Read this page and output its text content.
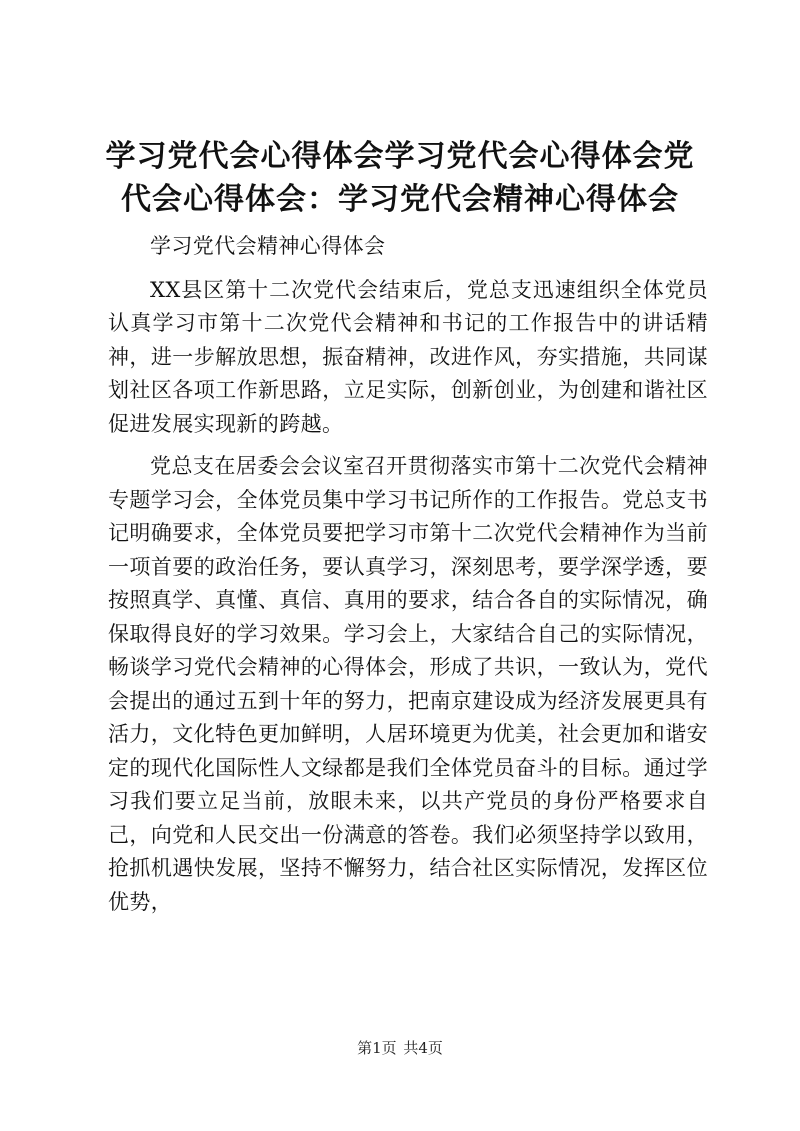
学习党代会心得体会学习党代会心得体会党代会心得体会：学习党代会精神心得体会

学习党代会精神心得体会

XX县区第十二次党代会结束后，党总支迅速组织全体党员认真学习市第十二次党代会精神和书记的工作报告中的讲话精神，进一步解放思想，振奋精神，改进作风，夯实措施，共同谋划社区各项工作新思路，立足实际，创新创业，为创建和谐社区促进发展实现新的跨越。

党总支在居委会会议室召开贯彻落实市第十二次党代会精神专题学习会，全体党员集中学习书记所作的工作报告。党总支书记明确要求，全体党员要把学习市第十二次党代会精神作为当前一项首要的政治任务，要认真学习，深刻思考，要学深学透，要按照真学、真懂、真信、真用的要求，结合各自的实际情况，确保取得良好的学习效果。学习会上，大家结合自己的实际情况，畅谈学习党代会精神的心得体会，形成了共识，一致认为，党代会提出的通过五到十年的努力，把南京建设成为经济发展更具有活力，文化特色更加鲜明，人居环境更为优美，社会更加和谐安定的现代化国际性人文绿都是我们全体党员奋斗的目标。通过学习我们要立足当前，放眼未来，以共产党员的身份严格要求自己，向党和人民交出一份满意的答卷。我们必须坚持学以致用，抢抓机遇快发展，坚持不懈努力，结合社区实际情况，发挥区位优势，

第1页 共4页
